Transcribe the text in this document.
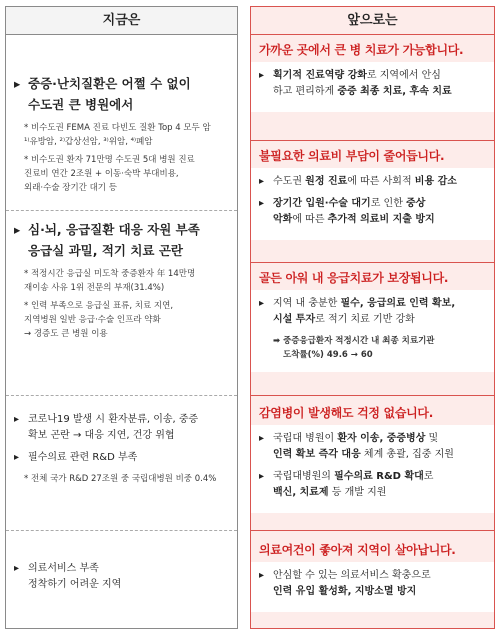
지금은
▸ 중증·난치질환은 어쩔 수 없이
수도권 큰 병원에서
* 비수도권 FEMA 진료 다빈도 질환 Top 4 모두 암
¹⁾유방암, ²⁾갑상선암, ³⁾위암, ⁴⁾폐암
* 비수도권 환자 71만명 수도권 5대 병원 진료
진료비 연간 2조원 + 이동·숙박 부대비용,
외래·수술 장기간 대기 등
▸ 심·뇌, 응급질환 대응 자원 부족
응급실 과밀, 적기 치료 곤란
* 적정시간 응급실 미도착 중증환자 年 14만명
재이송 사유 1위 전문의 부재(31.4%)
* 인력 부족으로 응급실 표류, 치료 지연,
지역병원 일반 응급·수술 인프라 약화
→ 경증도 큰 병원 이용
▸ 코로나19 발생 시 환자분류, 이송, 중증
확보 곤란 → 대응 지연, 건강 위협
▸ 필수의료 관련 R&D 부족
* 전체 국가 R&D 27조원 중 국립대병원 비중 0.4%
▸ 의료서비스 부족
정착하기 어려운 지역
앞으로는
가까운 곳에서 큰 병 치료가 가능합니다.
▸ 획기적 진료역량 강화로 지역에서 안심
하고 편리하게 중증 최종 치료, 후속 치료
불필요한 의료비 부담이 줄어듭니다.
▸ 수도권 원정 진료에 따른 사회적 비용 감소
▸ 장기간 입원·수술 대기로 인한 중상
악화에 따른 추가적 의료비 지출 방지
골든 아워 내 응급치료가 보장됩니다.
▸ 지역 내 충분한 필수, 응급의료 인력 확보,
시설 투자로 적기 치료 기반 강화
➡ 중증응급환자 적정시간 내 최종 치료기관
도착률(%) 49.6 → 60
감염병이 발생해도 걱정 없습니다.
▸ 국립대 병원이 환자 이송, 중증병상 및
인력 확보 즉각 대응 체계 총괄, 집중 지원
▸ 국립대병원의 필수의료 R&D 확대로
백신, 치료제 등 개발 지원
의료여건이 좋아져 지역이 살아납니다.
▸ 안심할 수 있는 의료서비스 확충으로
인력 유입 활성화, 지방소멸 방지
